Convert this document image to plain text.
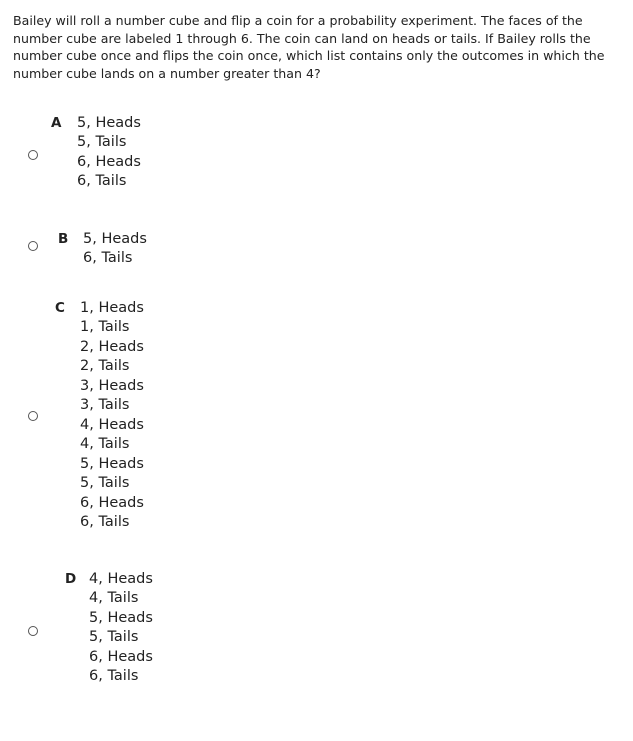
Bailey will roll a number cube and flip a coin for a probability experiment. The faces of the number cube are labeled 1 through 6. The coin can land on heads or tails. If Bailey rolls the number cube once and flips the coin once, which list contains only the outcomes in which the number cube lands on a number greater than 4?

A 5, Heads
5, Tails
6, Heads
6, Tails
B 5, Heads
6, Tails
C 1, Heads
1, Tails
2, Heads
2, Tails
3, Heads
3, Tails
4, Heads
4, Tails
5, Heads
5, Tails
6, Heads
6, Tails
D 4, Heads
4, Tails
5, Heads
5, Tails
6, Heads
6, Tails
